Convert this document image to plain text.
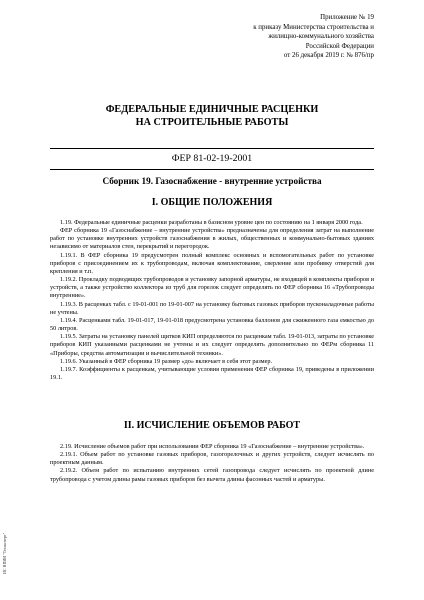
Приложение № 19
к приказу Министерства строительства и
жилищно-коммунального хозяйства
Российской Федерации
от 26 декабря 2019 г. № 876/пр
ФЕДЕРАЛЬНЫЕ ЕДИНИЧНЫЕ РАСЦЕНКИ
НА СТРОИТЕЛЬНЫЕ РАБОТЫ
ФЕР 81-02-19-2001
Сборник 19. Газоснабжение - внутренние устройства
I. ОБЩИЕ ПОЛОЖЕНИЯ

1.19. Федеральные единичные расценки разработаны в базисном уровне цен по состоянию на 1 января 2000 года.

ФЕР сборника 19 «Газоснабжение – внутренние устройства» предназначены для определения затрат на выполнение работ по установке внутренних устройств газоснабжения в жилых, общественных и коммунально-бытовых зданиях независимо от материалов стен, перекрытий и перегородок.

1.19.1. В ФЕР сборника 19 предусмотрен полный комплекс основных и вспомогательных работ по установке приборов с присоединением их к трубопроводам, включая комплектование, сверление или пробивку отверстий для крепления и т.п.

1.19.2. Прокладку подводящих трубопроводов и установку запорной арматуры, не входящей в комплекты приборов и устройств, а также устройство коллектора из труб для горелок следует определять по ФЕР сборника 16 «Трубопроводы внутренние».

1.19.3. В расценках табл. с 19-01-001 по 19-01-007 на установку бытовых газовых приборов пусконаладочные работы не учтены.

1.19.4. Расценками табл. 19-01-017, 19-01-018 предусмотрена установка баллонов для сжиженного газа емкостью до 50 литров.

1.19.5. Затраты на установку панелей щитков КИП определяются по расценкам табл. 19-01-013, затраты по установке приборов КИП указанными расценками не учтены и их следует определять дополнительно по ФЕРм сборника 11 «Приборы, средства автоматизации и вычислительной техники».

1.19.6. Указанный в ФЕР сборника 19 размер «до» включает в себя этот размер.

1.19.7. Коэффициенты к расценкам, учитывающие условия применения ФЕР сборника 19, приведены в приложении 19.1.

II. ИСЧИСЛЕНИЕ ОБЪЕМОВ РАБОТ

2.19. Исчисление объемов работ при использовании ФЕР сборника 19 «Газоснабжение – внутренние устройства».

2.19.1. Объем работ по установке газовых приборов, газогорелочных и других устройств, следует исчислять по проектным данным.

2.19.2. Объем работ по испытанию внутренних сетей газопровода следует исчислять по проектной длине трубопровода с учетом длины рамы газовых приборов без вычета длины фасонных частей и арматуры.

ИС НПИИ "Техэксперт"
